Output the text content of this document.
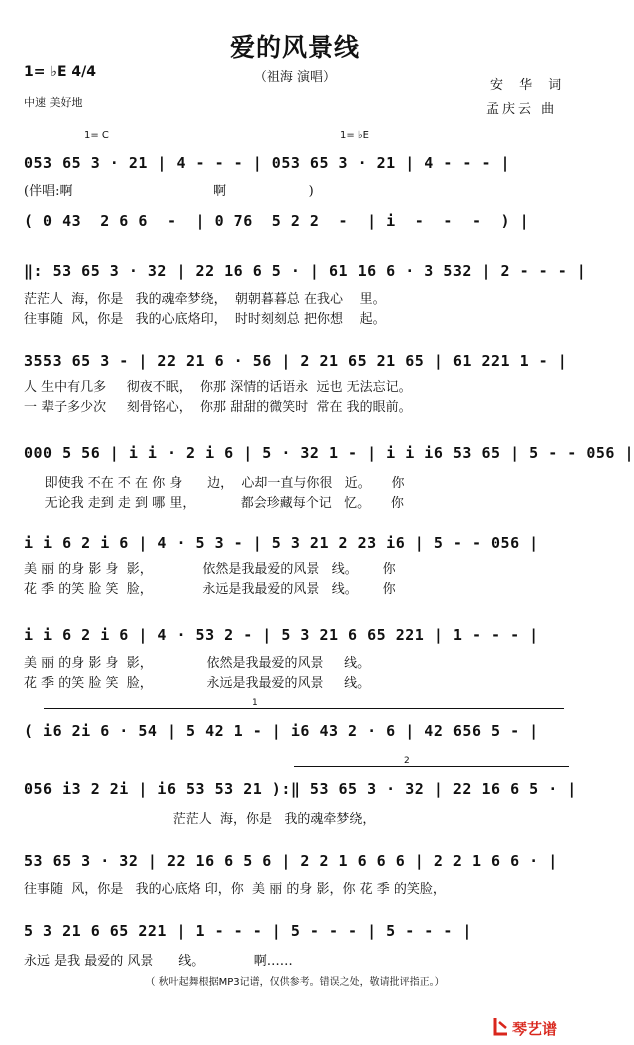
爱的风景线
（祖海 演唱）
1= ♭E 4/4
中速 美好地
安 华 词
孟庆云 曲
1= C	1= ♭E
053 65 3 · 21 | 4 - - - | 053 65 3 · 21 | 4 - - - |
(伴唱:啊                                  啊                    )
( 0 43  2 6 6  -  | 0 76  5 2 2  -  | i  -  -  -  ) |
‖: 53 65 3 · 32 | 22 16 6 5 · | 61 16 6 · 3 532 | 2 - - - |
茫茫人  海，你是   我的魂牵梦绕，  朝朝暮暮总 在我心    里。
往事随  风，你是   我的心底烙印，  时时刻刻总 把你想    起。
3553 65 3 - | 22 21 6 · 56 | 2 21 65 21 65 | 61 221 1 - |
人 生中有几多     彻夜不眠，  你那 深情的话语永  远也 无法忘记。
一 辈子多少次     刻骨铭心，  你那 甜甜的微笑时  常在 我的眼前。
000 5 56 | i i · 2 i 6 | 5 · 32 1 - | i i i6 53 65 | 5 - - 056 |
即使我 不在 不 在 你 身      边，  心却一直与你很   近。     你
无论我 走到 走 到 哪 里，           都会珍藏每个记   忆。     你
i i 6 2 i 6 | 4 · 5 3 - | 5 3 21 2 23 i6 | 5 - - 056 |
美 丽 的身 影 身  影，            依然是我最爱的风景   线。      你
花 季 的笑 脸 笑  脸，            永远是我最爱的风景   线。      你
i i 6 2 i 6 | 4 · 53 2 - | 5 3 21 6 65 221 | 1 - - - |
美 丽 的身 影 身  影，             依然是我最爱的风景     线。
花 季 的笑 脸 笑  脸，             永远是我最爱的风景     线。
1
( i6 2i 6 · 54 | 5 42 1 - | i6 43 2 · 6 | 42 656 5 - |
2
056 i3 2 2i | i6 53 53 21 ):‖ 53 65 3 · 32 | 22 16 6 5 · |
茫茫人  海，你是   我的魂牵梦绕，
53 65 3 · 32 | 22 16 6 5 6 | 2 2 1 6 6 6 | 2 2 1 6 6 · |
往事随  风，你是   我的心底烙 印，你  美 丽 的身 影，你 花 季 的笑脸，
5 3 21 6 65 221 | 1 - - - | 5 - - - | 5 - - - |
永远 是我 最爱的 风景      线。            啊……
（ 秋叶起舞根据MP3记谱，仅供参考。错误之处，敬请批评指正。）
琴艺谱
